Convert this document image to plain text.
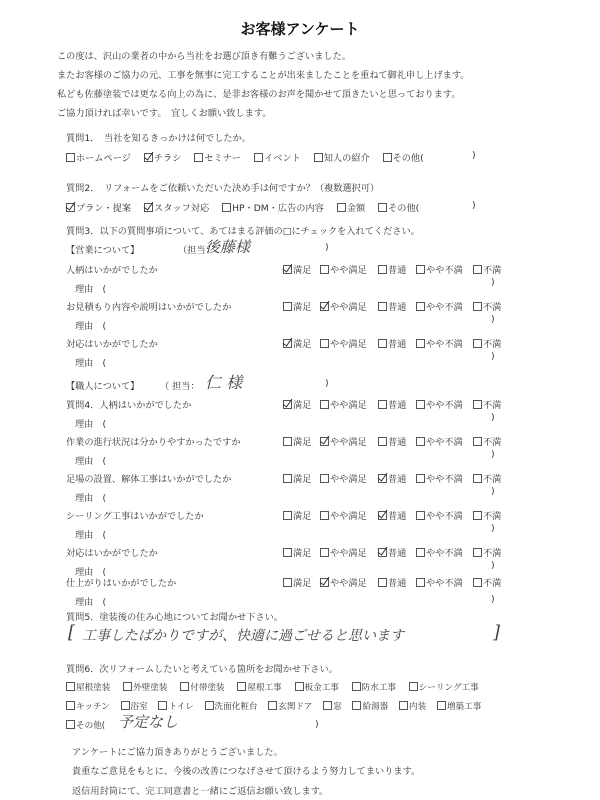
お客様アンケート
この度は、沢山の業者の中から当社をお選び頂き有難うございました。
またお客様のご協力の元、工事を無事に完工することが出来ましたことを重ねて御礼申し上げます。
私ども佐藤塗装では更なる向上の為に、是非お客様のお声を聞かせて頂きたいと思っております。
ご協力頂ければ幸いです。　宜しくお願い致します。
質問1．　当社を知るきっかけは何でしたか。
ホームページ チラシ セミナー イベント 知人の紹介 その他(	)
質問2．　リフォームをご依頼いただいた決め手は何ですか？（複数選択可）
プラン・提案 スタッフ対応 HP・DM・広告の内容 金額 その他(	)
質問3．以下の質問事項について、あてはまる評価の□にチェックを入れてください。
【営業について】	（担当：
後藤様	)
人柄はいかがでしたか	満足	やや満足	普通	やや不満	不満
理由　(
)
お見積もり内容や説明はいかがでしたか	満足	やや満足	普通	やや不満	不満
理由　(
)
対応はいかがでしたか	満足	やや満足	普通	やや不満	不満
理由　(
)
【職人について】 （ 担当： 仁 様	)
質問4．人柄はいかがでしたか	満足	やや満足	普通	やや不満	不満
理由　(
)
作業の進行状況は分かりやすかったですか	満足	やや満足	普通	やや不満	不満
理由　(
)
足場の設置、解体工事はいかがでしたか	満足	やや満足	普通	やや不満	不満
理由　(
)
シーリング工事はいかがでしたか	満足	やや満足	普通	やや不満	不満
理由　(
)
対応はいかがでしたか	満足	やや満足	普通	やや不満	不満
理由　(
)
仕上がりはいかがでしたか	満足	やや満足	普通	やや不満	不満
理由　(	)
質問5．塗装後の住み心地についてお聞かせ下さい。
[ 工事したばかりですが、快適に過ごせると思います	]
質問6．次リフォームしたいと考えている箇所をお聞かせ下さい。
屋根塗装	外壁塗装	付帯塗装	屋根工事	板金工事	防水工事	シーリング工事
キッチン 浴室 トイレ 洗面化粧台 玄関ドア 窓 給湯器 内装 増築工事
その他( 予定なし	)
アンケートにご協力頂きありがとうございました。
貴重なご意見をもとに、今後の改善につなげさせて頂けるよう努力してまいります。
返信用封筒にて、完工同意書と一緒にご返信お願い致します。
